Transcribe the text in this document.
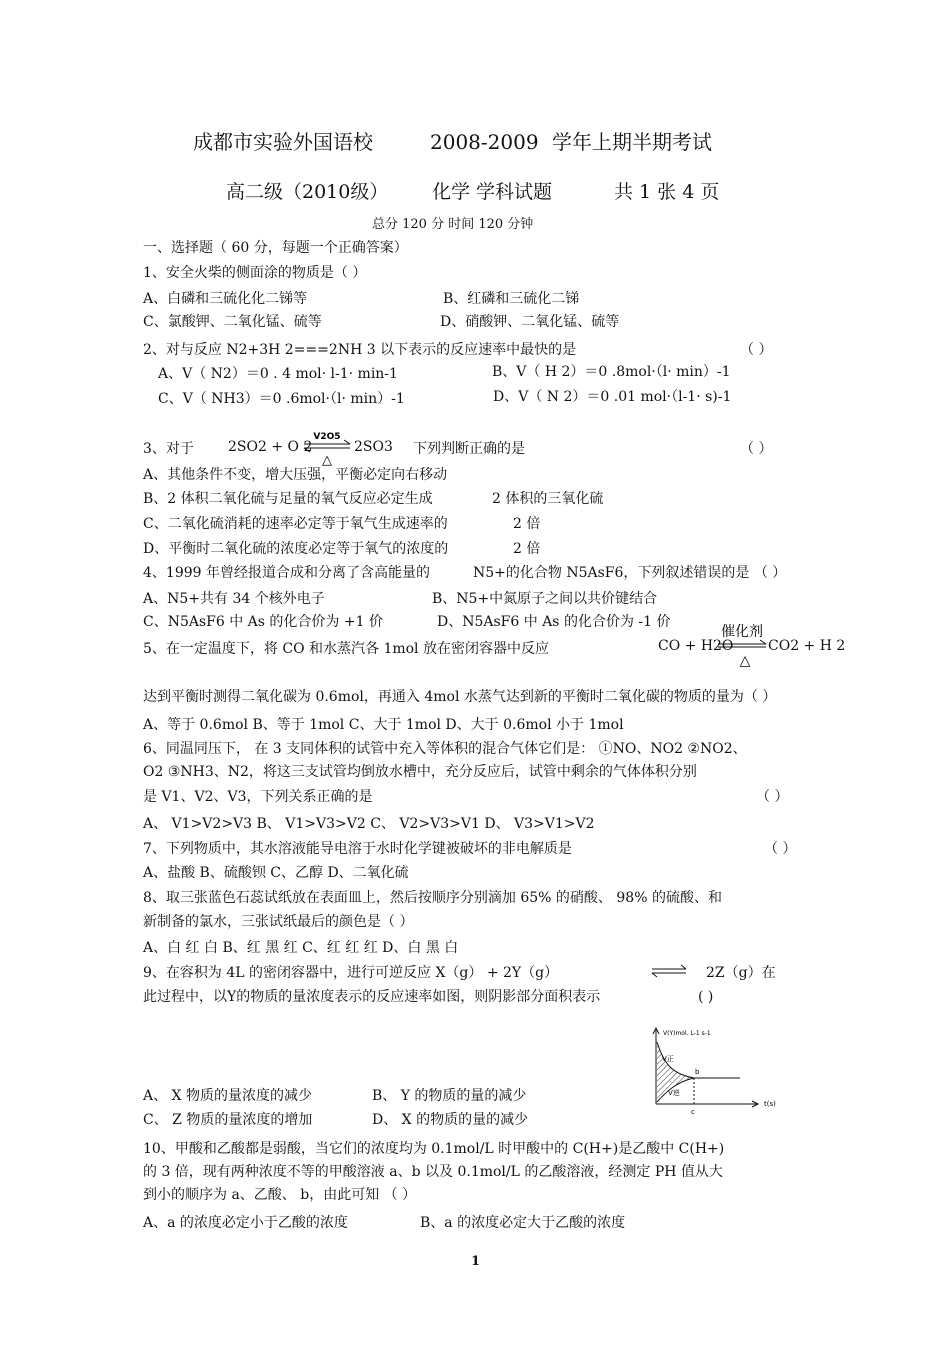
成都市实验外国语校	2008-2009 学年上期半期考试
高二级（2010级） 化学 学科试题	共 1 张 4 页
总分 120 分 时间 120 分钟
一、选择题（ 60 分，每题一个正确答案）
1、安全火柴的侧面涂的物质是（ ）
A、白磷和三硫化化二锑等	B、红磷和三硫化二锑
C、氯酸钾、二氧化锰、硫等	D、硝酸钾、二氧化锰、硫等
2、对与反应 N2+3H 2===2NH 3 以下表示的反应速率中最快的是	（ ）
A、V（ N2）＝0 . 4 mol· l-1· min-1	B、V（ H 2）＝0 .8mol·（l· min）-1
C、V（ NH3）＝0 .6mol·（l· min）-1	D、V（ N 2）＝0 .01 mol·（l-1· s)-1
3、对于 2SO2 + O 2
V2O5
△
2SO3 下列判断正确的是	（ ）
A、其他条件不变，增大压强，平衡必定向右移动
B、2 体积二氧化硫与足量的氧气反应必定生成	2 体积的三氧化硫
C、二氧化硫消耗的速率必定等于氧气生成速率的	2 倍
D、平衡时二氧化硫的浓度必定等于氧气的浓度的	2 倍
4、1999 年曾经报道合成和分离了含高能量的	N5+的化合物 N5AsF6，下列叙述错误的是 （ ）
A、N5+共有 34 个核外电子	B、N5+中氮原子之间以共价键结合
C、N5AsF6 中 As 的化合价为 +1 价	D、N5AsF6 中 As 的化合价为 -1 价
5、在一定温度下，将 CO 和水蒸汽各 1mol 放在密闭容器中反应	CO + H2O
催化剂
△
CO2 + H 2
达到平衡时测得二氧化碳为 0.6mol，再通入 4mol 水蒸气达到新的平衡时二氧化碳的物质的量为（ ）
A、等于 0.6mol B、等于 1mol C、大于 1mol D、大于 0.6mol 小于 1mol
6、同温同压下， 在 3 支同体积的试管中充入等体积的混合气体它们是： ①NO、NO2 ②NO2、
O2 ③NH3、N2，将这三支试管均倒放水槽中，充分反应后，试管中剩余的气体体积分别
是 V1、V2、V3，下列关系正确的是	（ ）
A、 V1>V2>V3 B、 V1>V3>V2 C、 V2>V3>V1 D、 V3>V1>V2
7、下列物质中，其水溶液能导电溶于水时化学键被破坏的非电解质是	（ ）
A、盐酸 B、硫酸钡 C、乙醇 D、二氧化硫
8、取三张蓝色石蕊试纸放在表面皿上，然后按顺序分别滴加 65% 的硝酸、 98% 的硫酸、和
新制备的氯水，三张试纸最后的颜色是（ ）
A、白 红 白 B、红 黑 红 C、红 红 红 D、白 黑 白
9、在容积为 4L 的密闭容器中，进行可逆反应 X（g） + 2Y（g）	2Z（g）在
此过程中，以Y的物质的量浓度表示的反应速率如图，则阴影部分面积表示	( )
V(Y)mol. L-1 s-1
V正
V逆
b
c
t(s)
A、 X 物质的量浓度的减少	B、 Y 的物质的量的减少
C、 Z 物质的量浓度的增加	D、 X 的物质的量的减少
10、甲酸和乙酸都是弱酸，当它们的浓度均为 0.1mol/L 时甲酸中的 C(H+)是乙酸中 C(H+)
的 3 倍，现有两种浓度不等的甲酸溶液 a、b 以及 0.1mol/L 的乙酸溶液，经测定 PH 值从大
到小的顺序为 a、乙酸、 b，由此可知 （ ）
A、a 的浓度必定小于乙酸的浓度	B、a 的浓度必定大于乙酸的浓度
1
